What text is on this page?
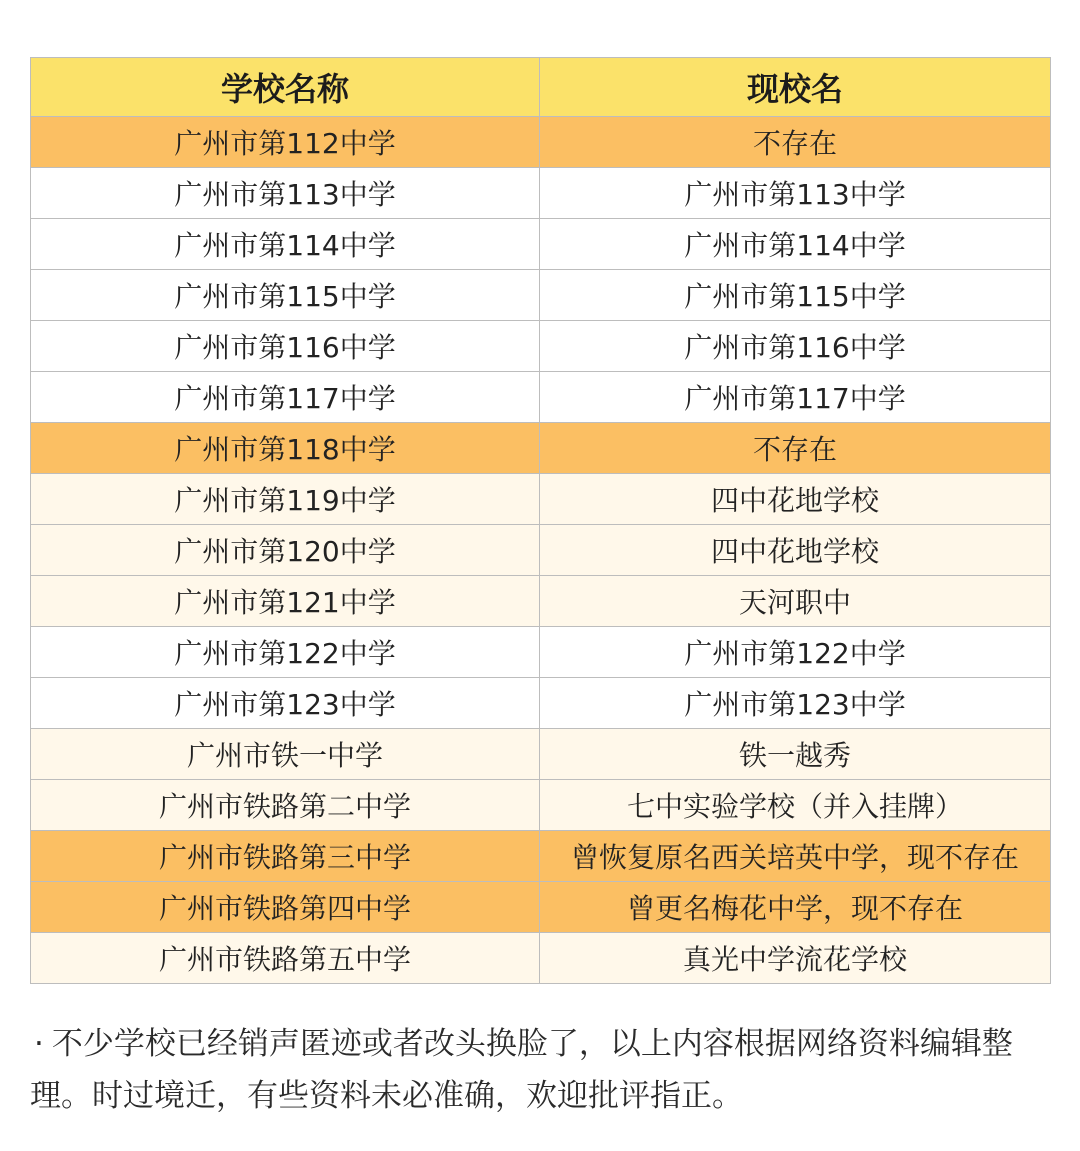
学校名称	现校名
广州市第112中学	不存在
广州市第113中学	广州市第113中学
广州市第114中学	广州市第114中学
广州市第115中学	广州市第115中学
广州市第116中学	广州市第116中学
广州市第117中学	广州市第117中学
广州市第118中学	不存在
广州市第119中学	四中花地学校
广州市第120中学	四中花地学校
广州市第121中学	天河职中
广州市第122中学	广州市第122中学
广州市第123中学	广州市第123中学
广州市铁一中学	铁一越秀
广州市铁路第二中学	七中实验学校（并入挂牌）
广州市铁路第三中学	曾恢复原名西关培英中学，现不存在
广州市铁路第四中学	曾更名梅花中学，现不存在
广州市铁路第五中学	真光中学流花学校

· 不少学校已经销声匿迹或者改头换脸了，以上内容根据网络资料编辑整理。时过境迁，有些资料未必准确，欢迎批评指正。
